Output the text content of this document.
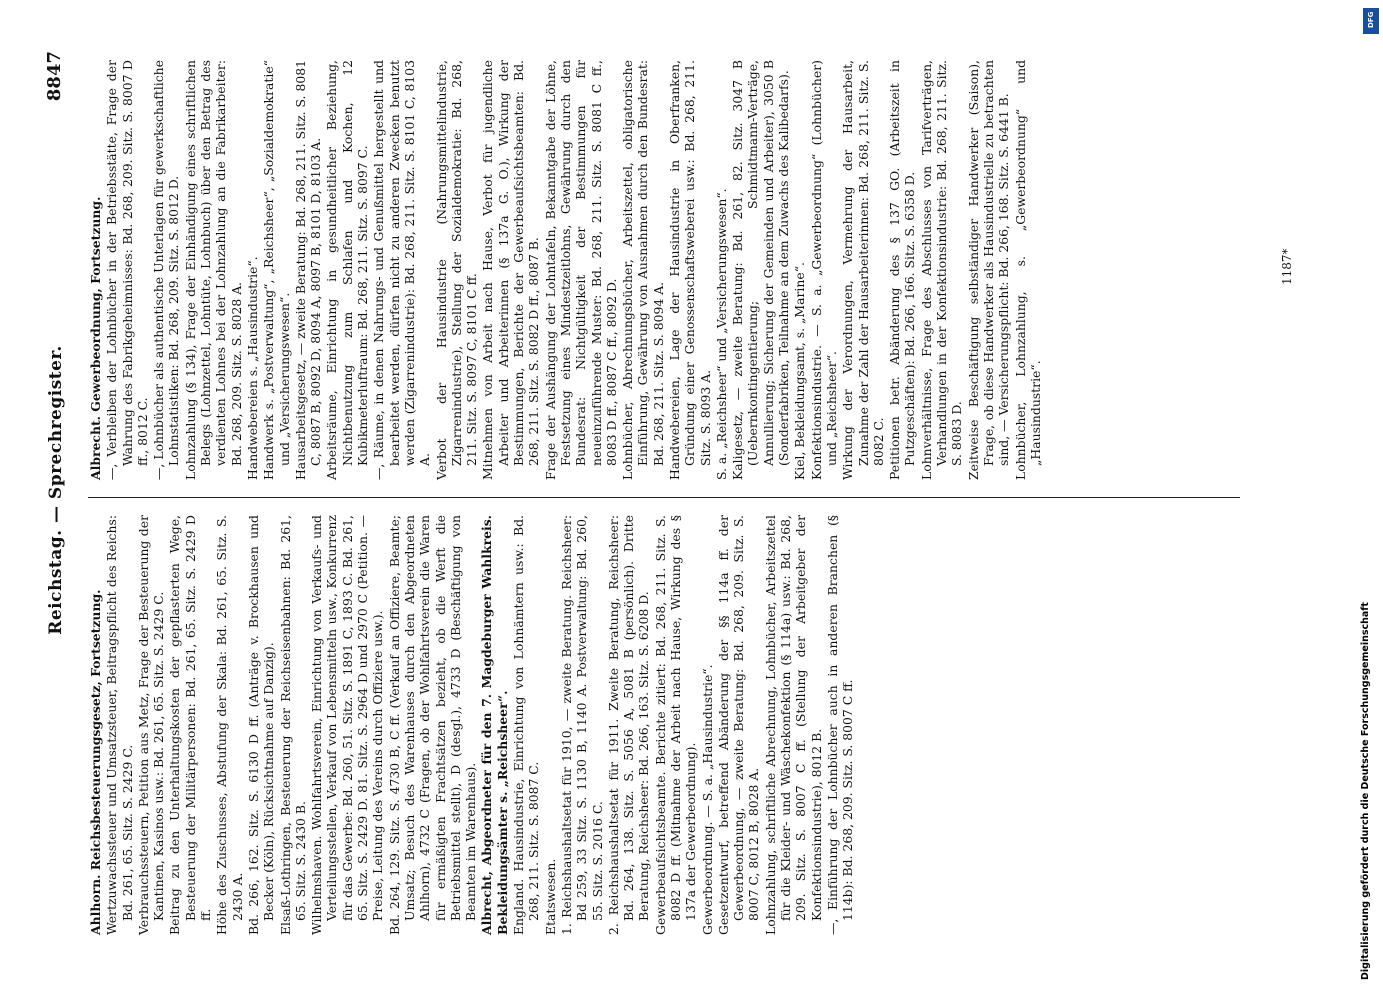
Reichstag. — Sprechregister.
8847
Ahlhorn. Reichsbesteuerungsgesetz, Fortsetzung. Wertzuwachssteuer und Umsatzsteuer, Beitragspflicht des Reichs: Bd. 261, 65. Sitz. S. 2429 C. Verbrauchssteuern, Petition aus Metz, Frage der Besteuerung der Kantinen, Kasinos usw.: Bd. 261, 65. Sitz. S. 2429 C. Beitrag zu den Unterhaltungskosten der gepflasterten Wege, Besteuerung der Militärpersonen: Bd. 261, 65. Sitz. S. 2429 D ff. Höhe des Zuschusses, Abstufung der Skala: Bd. 261, 65. Sitz. S. 2430 A. Bd. 266, 162. Sitz. S. 6130 D ff. (Anträge v. Brockhausen und Becker (Köln), Rücksichtnahme auf Danzig). Elsaß-Lothringen, Besteuerung der Reichseisenbahnen: Bd. 261, 65. Sitz. S. 2430 B. Wilhelmshaven. Wohlfahrtsverein, Einrichtung von Verkaufs- und Verteilungsstellen, Verkauf von Lebensmitteln usw., Konkurrenz für das Gewerbe: Bd. 260, 51. Sitz. S. 1891 C, 1893 C. Bd. 261, 65. Sitz. S. 2429 D. 81. Sitz. S. 2964 D und 2970 C (Petition. — Preise, Leitung des Vereins durch Offiziere usw.). Bd. 264, 129. Sitz. S. 4730 B, C ff. (Verkauf an Offiziere, Beamte; Umsatz; Besuch des Warenhauses durch den Abgeordneten Ahlhorn), 4732 C (Fragen, ob der Wohlfahrtsverein die Waren für ermäßigten Frachtsätzen bezieht, ob die Werft die Betriebsmittel stellt), D (desgl.), 4733 D (Beschäftigung von Beamten im Warenhaus). Albrecht, Abgeordneter für den 7. Magdeburger Wahlkreis. Bekleidungsämter s. „Reichsheer“. England. Hausindustrie, Einrichtung von Lohnämtern usw.: Bd. 268, 211. Sitz. S. 8087 C. Etatswesen. 1. Reichshaushaltsetat für 1910, — zweite Beratung. Reichsheer: Bd 259, 33 Sitz. S. 1130 B, 1140 A. Postverwaltung: Bd. 260, 55. Sitz. S. 2016 C. 2. Reichshaushaltsetat für 1911. Zweite Beratung, Reichsheer: Bd. 264, 138. Sitz. S. 5056 A, 5081 B (persönlich). Dritte Beratung, Reichsheer: Bd. 266, 163. Sitz. S. 6208 D. Gewerbeaufsichtsbeamte. Berichte zitiert: Bd. 268, 211. Sitz. S. 8082 D ff. (Mitnahme der Arbeit nach Hause, Wirkung des § 137a der Gewerbeordnung). Gewerbeordnung. — S. a. „Hausindustrie“. Gesetzentwurf, betreffend Abänderung der §§ 114a ff. der Gewerbeordnung, — zweite Beratung: Bd. 268, 209. Sitz. S. 8007 C, 8012 B, 8028 A. Lohnzahlung, schriftliche Abrechnung, Lohnbücher, Arbeitszettel für die Kleider- und Wäschekonfektion (§ 114a) usw.: Bd. 268, 209. Sitz. S. 8007 C ff. (Stellung der Arbeitgeber der Konfektionsindustrie), 8012 B. —, Einführung der Lohnbücher auch in anderen Branchen (§ 114b): Bd. 268, 209. Sitz. S. 8007 C ff.
Albrecht. Gewerbeordnung, Fortsetzung. —, Verbleiben der Lohnbücher in der Betriebsstätte, Frage der Wahrung des Fabrikgeheimnisses: Bd. 268, 209. Sitz. S. 8007 D ff., 8012 C. —, Lohnbücher als authentische Unterlagen für gewerkschaftliche Lohnstatistiken: Bd. 268, 209. Sitz. S. 8012 D. Lohnzahlung (§ 134), Frage der Einhändigung eines schriftlichen Belegs (Lohnzettel, Lohntüte, Lohnbuch) über den Betrag des verdienten Lohnes bei der Lohnzahlung an die Fabrikarbeiter: Bd. 268, 209. Sitz. S. 8028 A. Handwebereien s. „Hausindustrie“. Handwerk s. „Postverwaltung“, „Reichsheer“, „Sozialdemokratie“ und „Versicherungswesen“. Hausarbeitsgesetz, — zweite Beratung: Bd. 268, 211. Sitz. S. 8081 C, 8087 B, 8092 D, 8094 A, 8097 B, 8101 D, 8103 A. Arbeitsräume, Einrichtung in gesundheitlicher Beziehung, Nichtbenutzung zum Schlafen und Kochen, 12 Kubikmeterluftraum: Bd. 268, 211. Sitz. S. 8097 C. —, Räume, in denen Nahrungs- und Genußmittel hergestellt und bearbeitet werden, dürfen nicht zu anderen Zwecken benutzt werden (Zigarrenindustrie): Bd. 268, 211. Sitz. S. 8101 C, 8103 A. Verbot der Hausindustrie (Nahrungsmittelindustrie, Zigarrenindustrie), Stellung der Sozialdemokratie: Bd. 268, 211. Sitz. S. 8097 C, 8101 C ff. Mitnehmen von Arbeit nach Hause, Verbot für jugendliche Arbeiter und Arbeiterinnen (§ 137a G. O.), Wirkung der Bestimmungen, Berichte der Gewerbeaufsichtsbeamten: Bd. 268, 211. Sitz. S. 8082 D ff., 8087 B. Frage der Aushängung der Lohntafeln, Bekanntgabe der Löhne, Festsetzung eines Mindestzeitlohns, Gewährung durch den Bundesrat: Nichtgültigkeit der Bestimmungen für neueinzuführende Muster: Bd. 268, 211. Sitz. S. 8081 C ff., 8083 D ff., 8087 C ff., 8092 D. Lohnbücher, Abrechnungsbücher, Arbeitszettel, obligatorische Einführung, Gewährung von Ausnahmen durch den Bundesrat: Bd. 268, 211. Sitz. S. 8094 A. Handwebereien, Lage der Hausindustrie in Oberfranken, Gründung einer Genossenschaftsweberei usw.: Bd. 268, 211. Sitz. S. 8093 A. S. a. „Reichsheer“ und „Versicherungswesen“. Kaligesetz, — zweite Beratung: Bd. 261, 82. Sitz. 3047 B (Uebernkontingentierung; Schmidtmann-Verträge, Annullierung; Sicherung der Gemeinden und Arbeiter), 3050 B (Sonderfabriken, Teilnahme an dem Zuwachs des Kalibedarfs). Kiel, Bekleidungsamt, s. „Marine“. Konfektionsindustrie. — S. a. „Gewerbeordnung“ (Lohnbücher) und „Reichsheer“. Wirkung der Verordnungen, Vermehrung der Hausarbeit, Zunahme der Zahl der Hausarbeiterinnen: Bd. 268, 211. Sitz. S. 8082 C. Petitionen betr. Abänderung des § 137 GO. (Arbeitszeit in Putzgeschäften): Bd. 266, 166. Sitz. S. 6358 D. Lohnverhältnisse, Frage des Abschlusses von Tarifverträgen, Verhandlungen in der Konfektionsindustrie: Bd. 268, 211. Sitz. S. 8083 D. Zeitweise Beschäftigung selbständiger Handwerker (Saison), Frage, ob diese Handwerker als Hausindustrielle zu betrachten sind, — Versicherungspflicht: Bd. 266, 168. Sitz. S. 6441 B. Lohnbücher, Lohnzahlung, s. „Gewerbeordnung“ und „Hausindustrie“.
1187*
DFG
Digitalisierung gefördert durch die Deutsche Forschungsgemeinschaft
